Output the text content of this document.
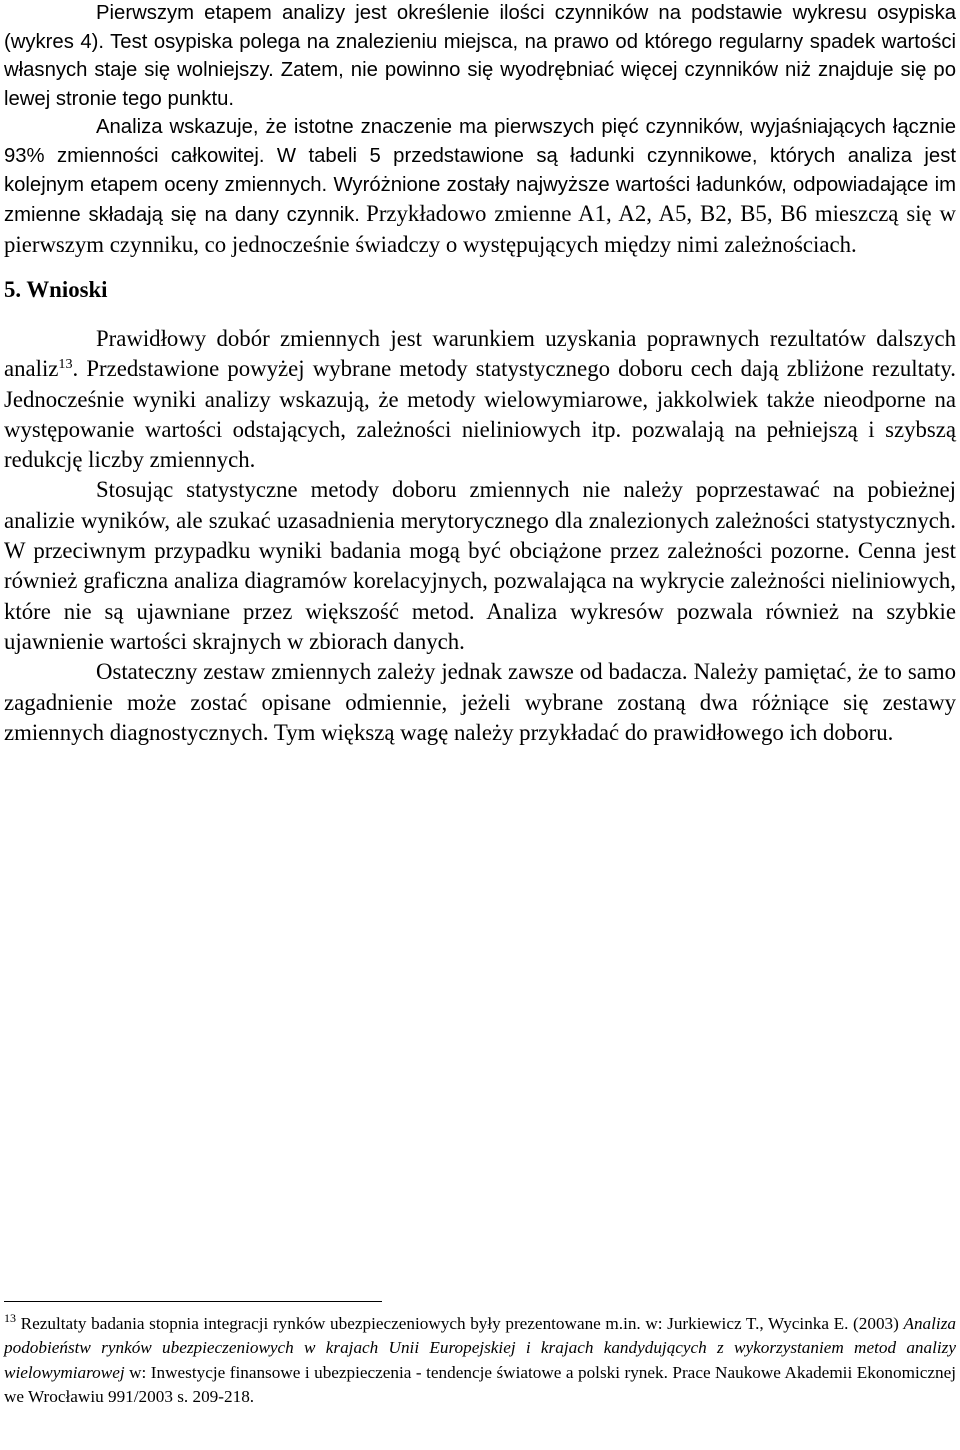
Pierwszym etapem analizy jest określenie ilości czynników na podstawie wykresu osypiska (wykres 4). Test osypiska polega na znalezieniu miejsca, na prawo od którego regularny spadek wartości własnych staje się wolniejszy. Zatem, nie powinno się wyodrębniać więcej czynników niż znajduje się po lewej stronie tego punktu.

Analiza wskazuje, że istotne znaczenie ma pierwszych pięć czynników, wyjaśniających łącznie 93% zmienności całkowitej. W tabeli 5 przedstawione są ładunki czynnikowe, których analiza jest kolejnym etapem oceny zmiennych. Wyróżnione zostały najwyższe wartości ładunków, odpowiadające im zmienne składają się na dany czynnik. Przykładowo zmienne A1, A2, A5, B2, B5, B6 mieszczą się w pierwszym czynniku, co jednocześnie świadczy o występujących między nimi zależnościach.

5. Wnioski

Prawidłowy dobór zmiennych jest warunkiem uzyskania poprawnych rezultatów dalszych analiz$^{13}$. Przedstawione powyżej wybrane metody statystycznego doboru cech dają zbliżone rezultaty. Jednocześnie wyniki analizy wskazują, że metody wielowymiarowe, jakkolwiek także nieodporne na występowanie wartości odstających, zależności nieliniowych itp. pozwalają na pełniejszą i szybszą redukcję liczby zmiennych.

Stosując statystyczne metody doboru zmiennych nie należy poprzestawać na pobieżnej analizie wyników, ale szukać uzasadnienia merytorycznego dla znalezionych zależności statystycznych. W przeciwnym przypadku wyniki badania mogą być obciążone przez zależności pozorne. Cenna jest również graficzna analiza diagramów korelacyjnych, pozwalająca na wykrycie zależności nieliniowych, które nie są ujawniane przez większość metod. Analiza wykresów pozwala również na szybkie ujawnienie wartości skrajnych w zbiorach danych.

Ostateczny zestaw zmiennych zależy jednak zawsze od badacza. Należy pamiętać, że to samo zagadnienie może zostać opisane odmiennie, jeżeli wybrane zostaną dwa różniące się zestawy zmiennych diagnostycznych. Tym większą wagę należy przykładać do prawidłowego ich doboru.

$^{13}$ Rezultaty badania stopnia integracji rynków ubezpieczeniowych były prezentowane m.in. w: Jurkiewicz T., Wycinka E. (2003) Analiza podobieństw rynków ubezpieczeniowych w krajach Unii Europejskiej i krajach kandydujących z wykorzystaniem metod analizy wielowymiarowej w: Inwestycje finansowe i ubezpieczenia - tendencje światowe a polski rynek. Prace Naukowe Akademii Ekonomicznej we Wrocławiu 991/2003 s. 209-218.
